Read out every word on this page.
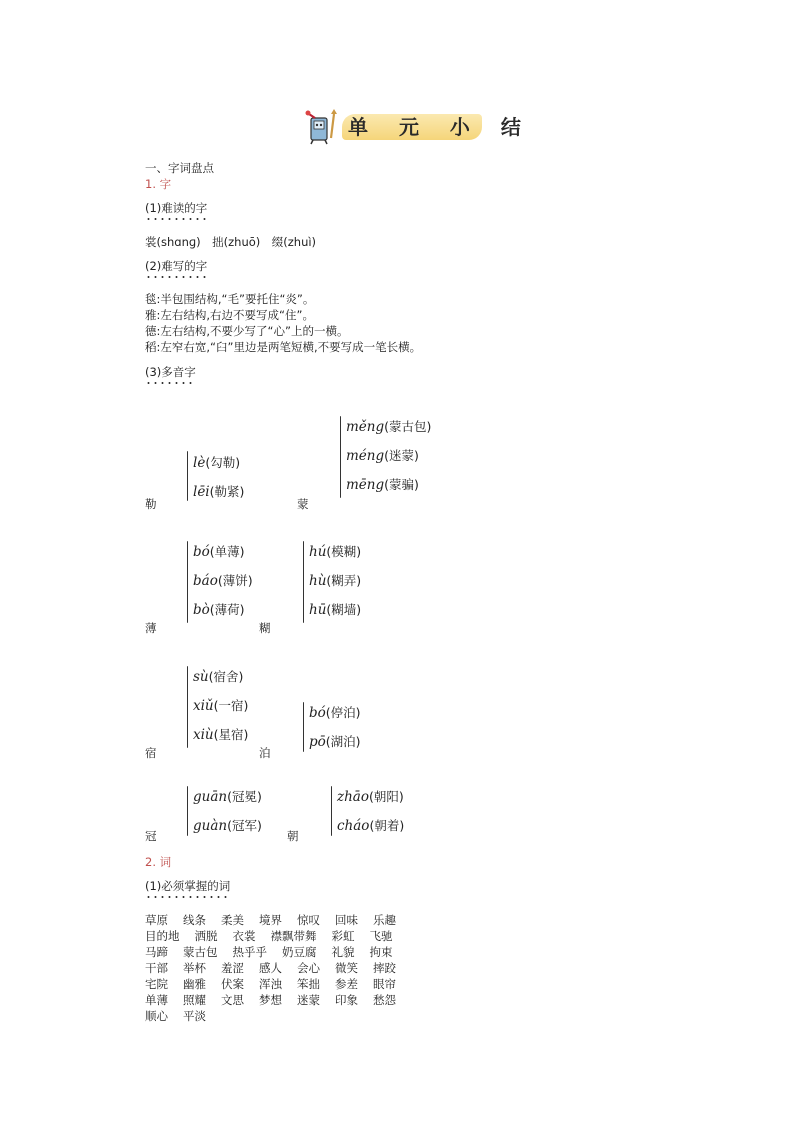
单 元 小 结
一、字词盘点
1. 字
(1)难读的字
裳(shɑnɡ)　拙(zhuō)　缀(zhuì)
(2)难写的字
毯:半包围结构,“毛”要托住“炎”。
雅:左右结构,右边不要写成“住”。
德:左右结构,不要少写了“心”上的一横。
稻:左窄右宽,“臼”里边是两笔短横,不要写成一笔长横。
(3)多音字
勒
lè(勾勒)
lēi(勒紧)
蒙
měng(蒙古包)
méng(迷蒙)
mēng(蒙骗)
薄
bó(单薄)
báo(薄饼)
bò(薄荷)
糊
hú(模糊)
hù(糊弄)
hū(糊墙)
宿
sù(宿舍)
xiǔ(一宿)
xiù(星宿)
泊
bó(停泊)
pō(湖泊)
冠
guān(冠冕)
guàn(冠军)
朝
zhāo(朝阳)
cháo(朝着)
2. 词
(1)必须掌握的词
草原 线条 柔美 境界 惊叹 回味 乐趣
目的地 洒脱 衣裳 襟飘带舞 彩虹 飞驰
马蹄 蒙古包 热乎乎 奶豆腐 礼貌 拘束
干部 举杯 羞涩 感人 会心 微笑 摔跤
宅院 幽雅 伏案 浑浊 笨拙 参差 眼帘
单薄 照耀 文思 梦想 迷蒙 印象 愁怨
顺心 平淡
